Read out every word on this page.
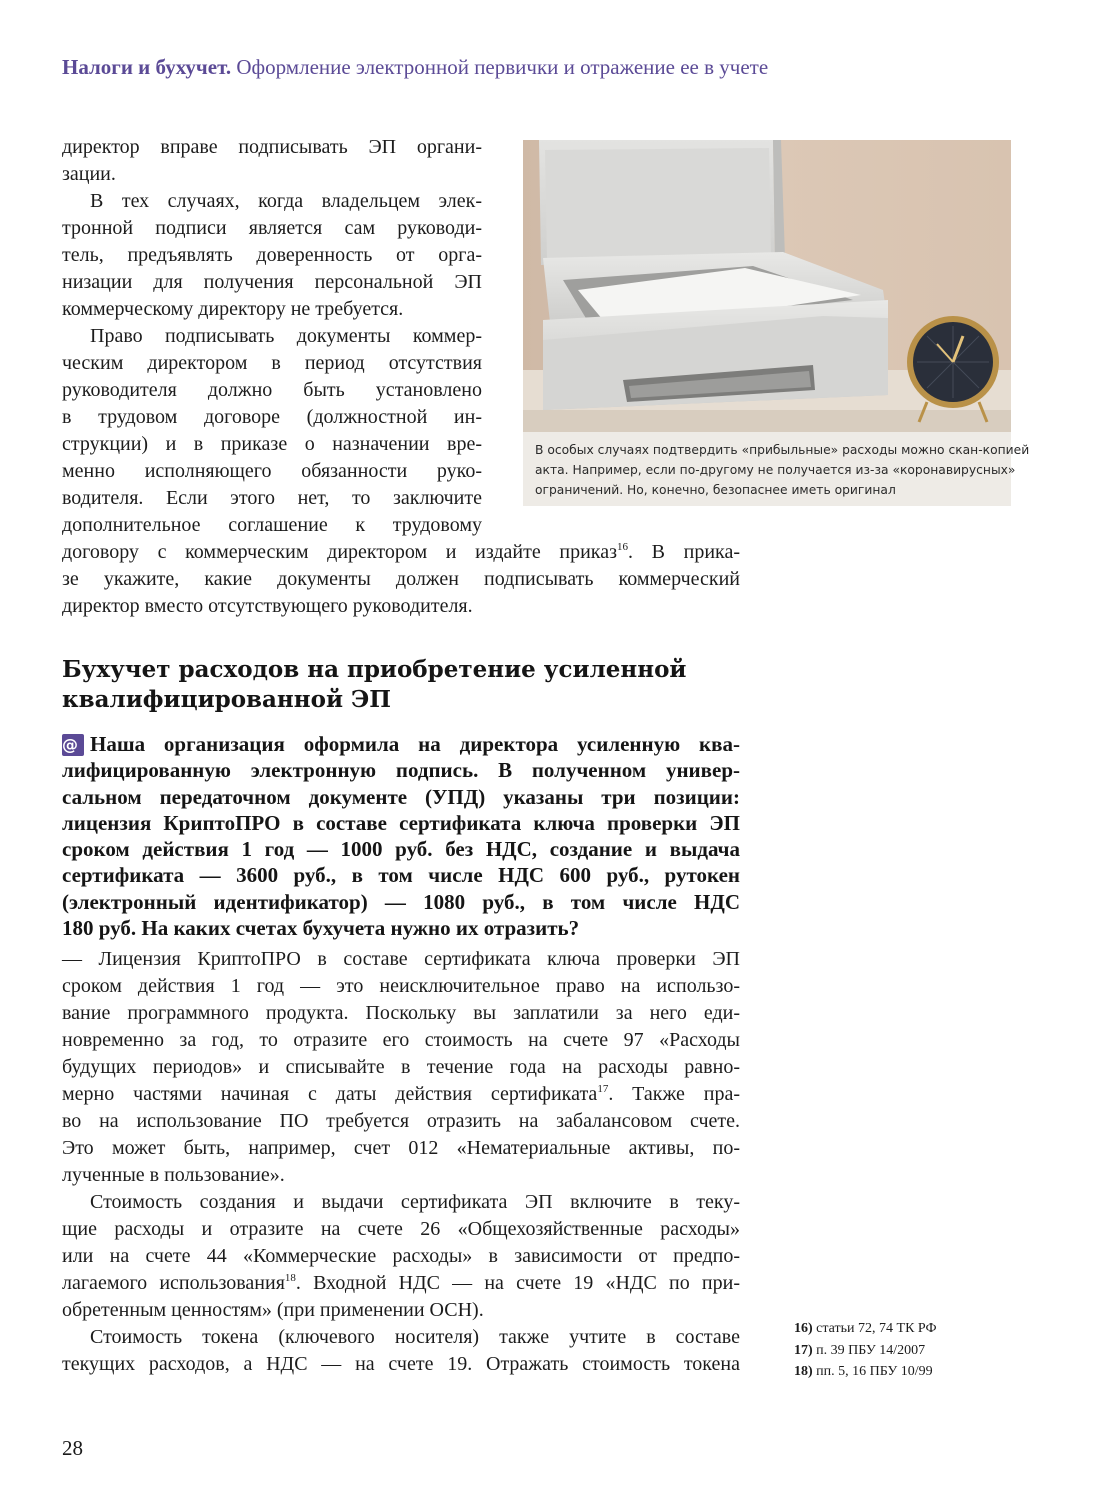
Налоги и бухучет. Оформление электронной первички и отражение ее в учете
директор вправе подписывать ЭП органи-
зации.
В тех случаях, когда владельцем элек-
тронной подписи является сам руководи-
тель, предъявлять доверенность от орга-
низации для получения персональной ЭП
коммерческому директору не требуется.
Право подписывать документы коммер-
ческим директором в период отсутствия
руководителя должно быть установлено
в трудовом договоре (должностной ин-
струкции) и в приказе о назначении вре-
менно исполняющего обязанности руко-
водителя. Если этого нет, то заключите
дополнительное соглашение к трудовому
договору с коммерческим директором и издайте приказ$^{16}$. В прика-
зе укажите, какие документы должен подписывать коммерческий
директор вместо отсутствующего руководителя.
В особых случаях подтвердить «прибыльные» расходы можно скан-копией
акта. Например, если по-другому не получается из-за «коронавирусных»
ограничений. Но, конечно, безопаснее иметь оригинал
Бухучет расходов на приобретение усиленной
квалифицированной ЭП
@ Наша организация оформила на директора усиленную ква-
лифицированную электронную подпись. В полученном универ-
сальном передаточном документе (УПД) указаны три позиции:
лицензия КриптоПРО в составе сертификата ключа проверки ЭП
сроком действия 1 год — 1000 руб. без НДС, создание и выдача
сертификата — 3600 руб., в том числе НДС 600 руб., рутокен
(электронный идентификатор) — 1080 руб., в том числе НДС
180 руб. На каких счетах бухучета нужно их отразить?
— Лицензия КриптоПРО в составе сертификата ключа проверки ЭП
сроком действия 1 год — это неисключительное право на использо-
вание программного продукта. Поскольку вы заплатили за него еди-
новременно за год, то отразите его стоимость на счете 97 «Расходы
будущих периодов» и списывайте в течение года на расходы равно-
мерно частями начиная с даты действия сертификата$^{17}$. Также пра-
во на использование ПО требуется отразить на забалансовом счете.
Это может быть, например, счет 012 «Нематериальные активы, по-
лученные в пользование».
Стоимость создания и выдачи сертификата ЭП включите в теку-
щие расходы и отразите на счете 26 «Общехозяйственные расходы»
или на счете 44 «Коммерческие расходы» в зависимости от предпо-
лагаемого использования$^{18}$. Входной НДС — на счете 19 «НДС по при-
обретенным ценностям» (при применении ОСН).
Стоимость токена (ключевого носителя) также учтите в составе
текущих расходов, а НДС — на счете 19. Отражать стоимость токена
16) статьи 72, 74 ТК РФ
17) п. 39 ПБУ 14/2007
18) пп. 5, 16 ПБУ 10/99
28
